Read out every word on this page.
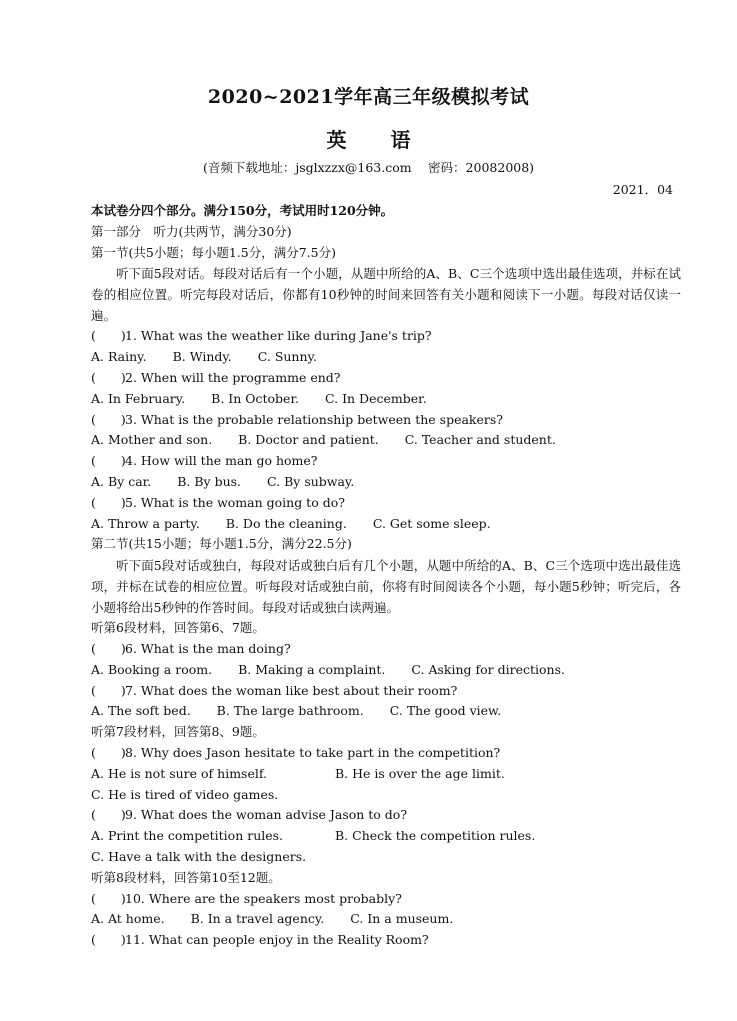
2020~2021学年高三年级模拟考试
英 语
(音频下载地址：jsglxzzx@163.com　 密码：20082008)
2021．04
本试卷分四个部分。满分150分，考试用时120分钟。
第一部分　听力(共两节，满分30分)
第一节(共5小题；每小题1.5分，满分7.5分)
听下面5段对话。每段对话后有一个小题，从题中所给的A、B、C三个选项中选出最佳选项，并标在试卷的相应位置。听完每段对话后，你都有10秒钟的时间来回答有关小题和阅读下一小题。每段对话仅读一遍。
(　　)1. What was the weather like during Jane's trip?
A. Rainy. B. Windy. C. Sunny.
(　　)2. When will the programme end?
A. In February. B. In October. C. In December.
(　　)3. What is the probable relationship between the speakers?
A. Mother and son. B. Doctor and patient. C. Teacher and student.
(　　)4. How will the man go home?
A. By car. B. By bus. C. By subway.
(　　)5. What is the woman going to do?
A. Throw a party. B. Do the cleaning. C. Get some sleep.
第二节(共15小题；每小题1.5分，满分22.5分)
听下面5段对话或独白，每段对话或独白后有几个小题，从题中所给的A、B、C三个选项中选出最佳选项，并标在试卷的相应位置。听每段对话或独白前，你将有时间阅读各个小题，每小题5秒钟；听完后，各小题将给出5秒钟的作答时间。每段对话或独白读两遍。
听第6段材料，回答第6、7题。
(　　)6. What is the man doing?
A. Booking a room. B. Making a complaint. C. Asking for directions.
(　　)7. What does the woman like best about their room?
A. The soft bed. B. The large bathroom. C. The good view.
听第7段材料，回答第8、9题。
(　　)8. Why does Jason hesitate to take part in the competition?
A. He is not sure of himself.	B. He is over the age limit.
C. He is tired of video games.
(　　)9. What does the woman advise Jason to do?
A. Print the competition rules.	B. Check the competition rules.
C. Have a talk with the designers.
听第8段材料，回答第10至12题。
(　　)10. Where are the speakers most probably?
A. At home. B. In a travel agency. C. In a museum.
(　　)11. What can people enjoy in the Reality Room?
